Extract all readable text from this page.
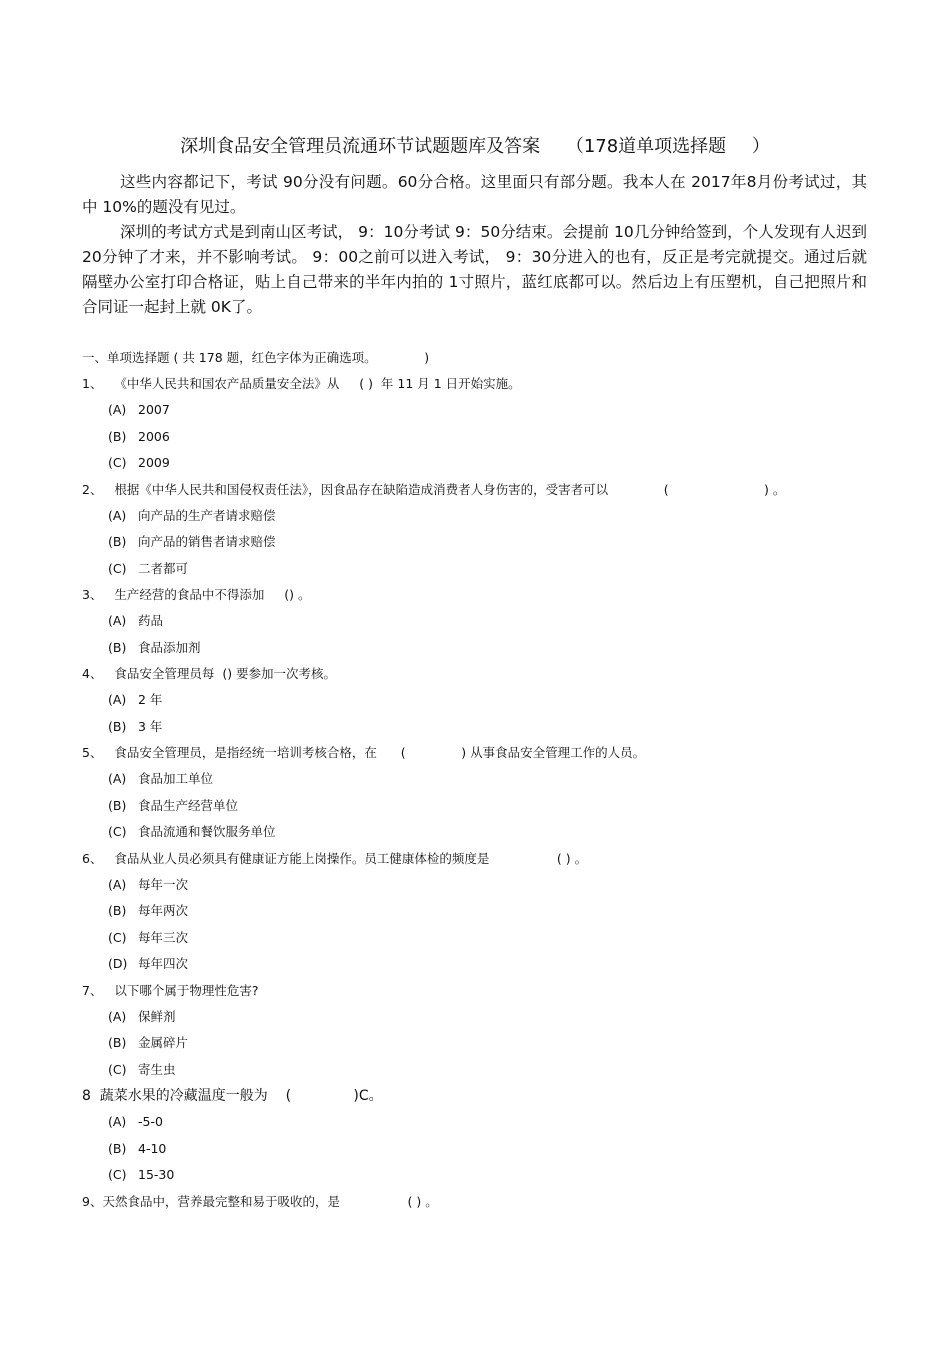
深圳食品安全管理员流通环节试题题库及答案 （178道单项选择题 ）

这些内容都记下，考试 90分没有问题。60分合格。这里面只有部分题。我本人在 2017年8月份考试过，其中 10%的题没有见过。

深圳的考试方式是到南山区考试， 9：10分考试 9：50分结束。会提前 10几分钟给签到，个人发现有人迟到 20分钟了才来，并不影响考试。 9：00之前可以进入考试， 9：30分进入的也有，反正是考完就提交。通过后就隔壁办公室打印合格证，贴上自己带来的半年内拍的 1寸照片，蓝红底都可以。然后边上有压塑机，自己把照片和合同证一起封上就 0K了。

一、单项选择题 ( 共 178 题，红色字体为正确选项。            )
1、   《中华人民共和国农产品质量安全法》从     ( )  年 11 月 1 日开始实施。
(A) 2007
(B) 2006
(C) 2009
2、   根据《中华人民共和国侵权责任法》，因食品存在缺陷造成消费者人身伤害的，受害者可以              (                        ) 。
(A) 向产品的生产者请求赔偿
(B) 向产品的销售者请求赔偿
(C) 二者都可
3、   生产经营的食品中不得添加     () 。
(A) 药品
(B) 食品添加剂
4、   食品安全管理员每  () 要参加一次考核。
(A) 2 年
(B) 3 年
5、   食品安全管理员，是指经统一培训考核合格，在      (              ) 从事食品安全管理工作的人员。
(A) 食品加工单位
(B) 食品生产经营单位
(C) 食品流通和餐饮服务单位
6、   食品从业人员必须具有健康证方能上岗操作。员工健康体检的频度是                 ( ) 。
(A) 每年一次
(B) 每年两次
(C) 每年三次
(D) 每年四次
7、   以下哪个属于物理性危害?
(A) 保鲜剂
(B) 金属碎片
(C) 寄生虫
8  蔬菜水果的冷藏温度一般为    (              )C。
(A) -5-0
(B) 4-10
(C) 15-30
9、天然食品中，营养最完整和易于吸收的，是                 ( ) 。
